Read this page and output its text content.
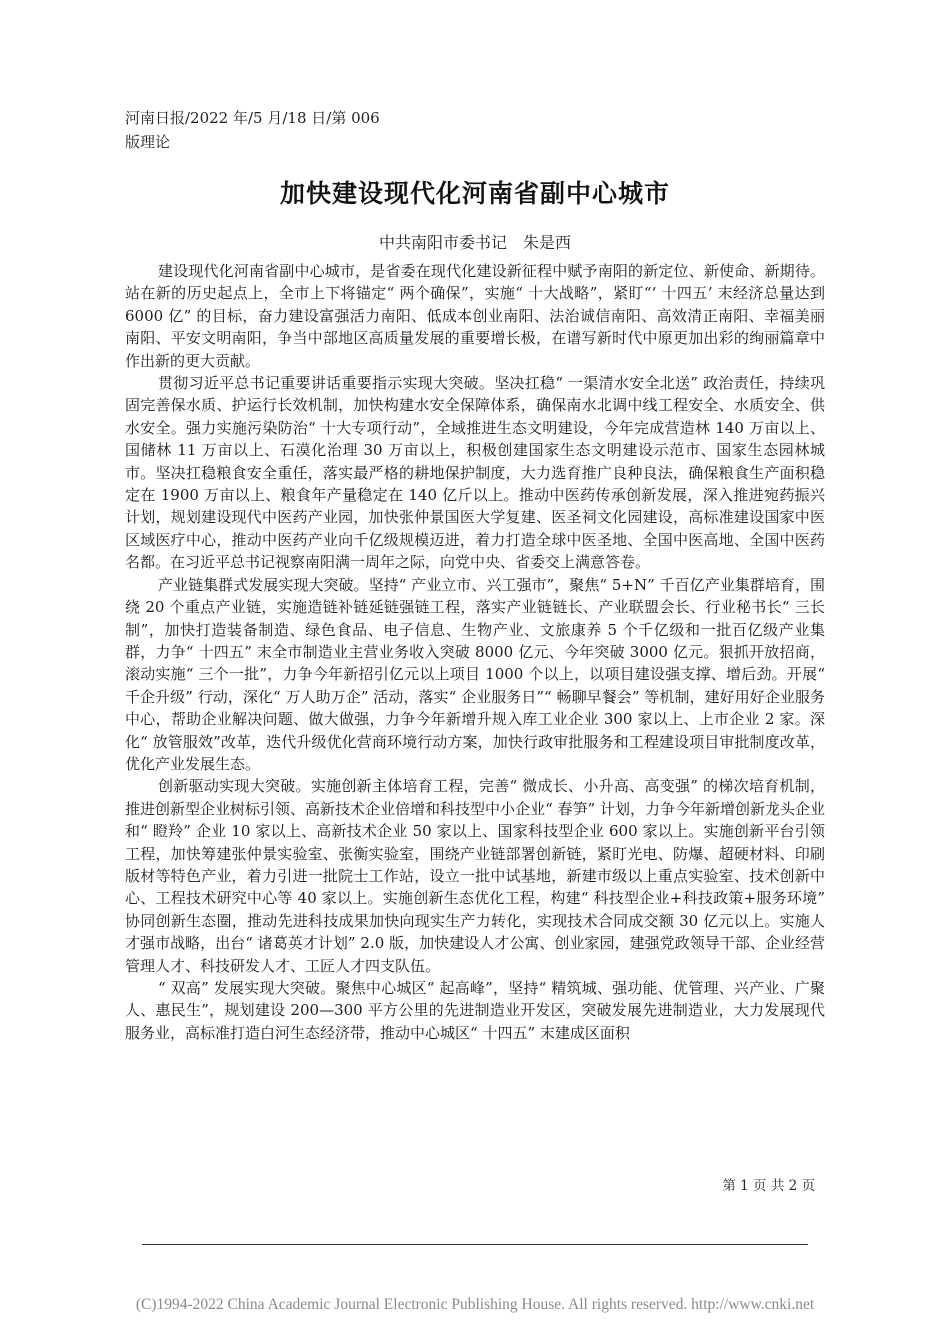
河南日报/2022 年/5 月/18 日/第 006
版理论
加快建设现代化河南省副中心城市
中共南阳市委书记　朱是西

建设现代化河南省副中心城市，是省委在现代化建设新征程中赋予南阳的新定位、新使命、新期待。站在新的历史起点上，全市上下将锚定“ 两个确保”，实施“ 十大战略”，紧盯“‘ 十四五’ 末经济总量达到 6000 亿” 的目标，奋力建设富强活力南阳、低成本创业南阳、法治诚信南阳、高效清正南阳、幸福美丽南阳、平安文明南阳，争当中部地区高质量发展的重要增长极，在谱写新时代中原更加出彩的绚丽篇章中作出新的更大贡献。

贯彻习近平总书记重要讲话重要指示实现大突破。坚决扛稳“ 一渠清水安全北送” 政治责任，持续巩固完善保水质、护运行长效机制，加快构建水安全保障体系，确保南水北调中线工程安全、水质安全、供水安全。强力实施污染防治“ 十大专项行动”，全域推进生态文明建设，今年完成营造林 140 万亩以上、国储林 11 万亩以上、石漠化治理 30 万亩以上，积极创建国家生态文明建设示范市、国家生态园林城市。坚决扛稳粮食安全重任，落实最严格的耕地保护制度，大力选育推广良种良法，确保粮食生产面积稳定在 1900 万亩以上、粮食年产量稳定在 140 亿斤以上。推动中医药传承创新发展，深入推进宛药振兴计划，规划建设现代中医药产业园，加快张仲景国医大学复建、医圣祠文化园建设，高标准建设国家中医区域医疗中心，推动中医药产业向千亿级规模迈进，着力打造全球中医圣地、全国中医高地、全国中医药名都。在习近平总书记视察南阳满一周年之际，向党中央、省委交上满意答卷。

产业链集群式发展实现大突破。坚持“ 产业立市、兴工强市”，聚焦“ 5+N” 千百亿产业集群培育，围绕 20 个重点产业链，实施造链补链延链强链工程，落实产业链链长、产业联盟会长、行业秘书长“ 三长制”，加快打造装备制造、绿色食品、电子信息、生物产业、文旅康养 5 个千亿级和一批百亿级产业集群，力争“ 十四五” 末全市制造业主营业务收入突破 8000 亿元、今年突破 3000 亿元。狠抓开放招商，滚动实施“ 三个一批”，力争今年新招引亿元以上项目 1000 个以上，以项目建设强支撑、增后劲。开展“ 千企升级” 行动，深化“ 万人助万企” 活动，落实“ 企业服务日”“ 畅聊早餐会” 等机制，建好用好企业服务中心，帮助企业解决问题、做大做强，力争今年新增升规入库工业企业 300 家以上、上市企业 2 家。深化“ 放管服效”改革，迭代升级优化营商环境行动方案，加快行政审批服务和工程建设项目审批制度改革，优化产业发展生态。

创新驱动实现大突破。实施创新主体培育工程，完善“ 微成长、小升高、高变强” 的梯次培育机制，推进创新型企业树标引领、高新技术企业倍增和科技型中小企业“ 春笋” 计划，力争今年新增创新龙头企业和“ 瞪羚” 企业 10 家以上、高新技术企业 50 家以上、国家科技型企业 600 家以上。实施创新平台引领工程，加快筹建张仲景实验室、张衡实验室，围绕产业链部署创新链，紧盯光电、防爆、超硬材料、印刷版材等特色产业，着力引进一批院士工作站，设立一批中试基地，新建市级以上重点实验室、技术创新中心、工程技术研究中心等 40 家以上。实施创新生态优化工程，构建“ 科技型企业+科技政策+服务环境” 协同创新生态圈，推动先进科技成果加快向现实生产力转化，实现技术合同成交额 30 亿元以上。实施人才强市战略，出台“ 诸葛英才计划” 2.0 版，加快建设人才公寓、创业家园，建强党政领导干部、企业经营管理人才、科技研发人才、工匠人才四支队伍。

“ 双高” 发展实现大突破。聚焦中心城区“ 起高峰”，坚持“ 精筑城、强功能、优管理、兴产业、广聚人、惠民生”，规划建设 200—300 平方公里的先进制造业开发区，突破发展先进制造业，大力发展现代服务业，高标准打造白河生态经济带，推动中心城区“ 十四五” 末建成区面积

第 1 页 共 2 页
(C)1994-2022 China Academic Journal Electronic Publishing House. All rights reserved. http://www.cnki.net
